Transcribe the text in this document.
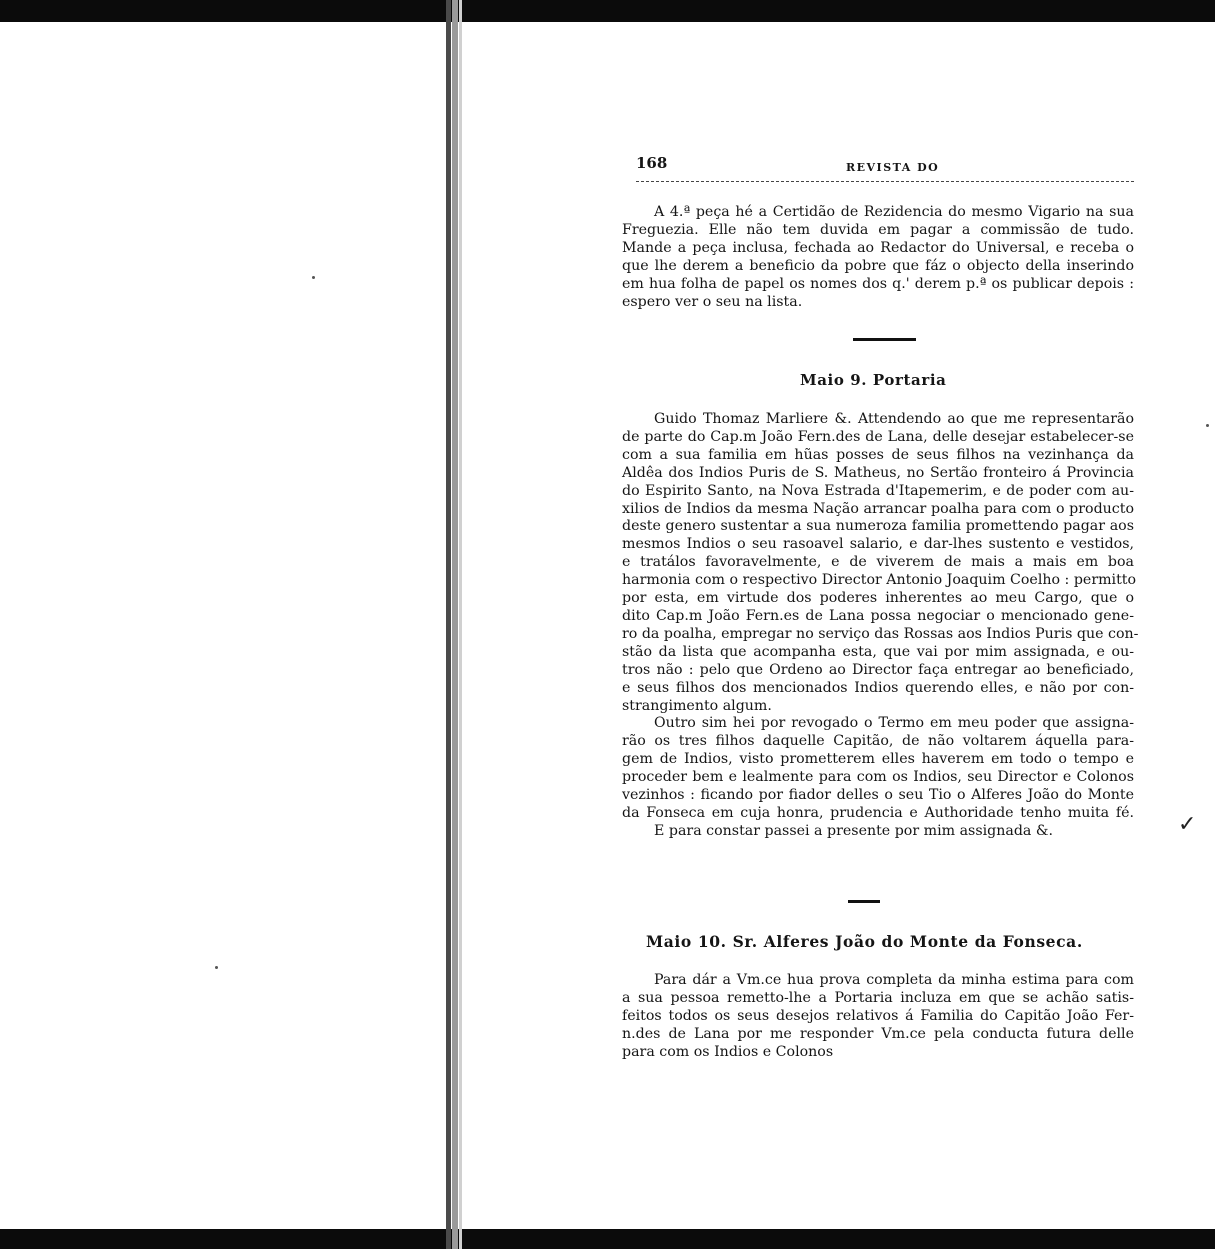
✓
168	REVISTA DO
A 4.ª peça hé a Certidão de Rezidencia do mesmo Vigario na sua
Freguezia. Elle não tem duvida em pagar a commissão de tudo.
Mande a peça inclusa, fechada ao Redactor do Universal, e receba o
que lhe derem a beneficio da pobre que fáz o objecto della inserindo
em hua folha de papel os nomes dos q.' derem p.ª os publicar depois :
espero ver o seu na lista.
Maio 9. Portaria
Guido Thomaz Marliere &. Attendendo ao que me representarão
de parte do Cap.m João Fern.des de Lana, delle desejar estabelecer-se
com a sua familia em hũas posses de seus filhos na vezinhança da
Aldêa dos Indios Puris de S. Matheus, no Sertão fronteiro á Provincia
do Espirito Santo, na Nova Estrada d'Itapemerim, e de poder com au-
xilios de Indios da mesma Nação arrancar poalha para com o producto
deste genero sustentar a sua numeroza familia promettendo pagar aos
mesmos Indios o seu rasoavel salario, e dar-lhes sustento e vestidos,
e tratálos favoravelmente, e de viverem de mais a mais em boa
harmonia com o respectivo Director Antonio Joaquim Coelho : permitto
por esta, em virtude dos poderes inherentes ao meu Cargo, que o
dito Cap.m João Fern.es de Lana possa negociar o mencionado gene-
ro da poalha, empregar no serviço das Rossas aos Indios Puris que con-
stão da lista que acompanha esta, que vai por mim assignada, e ou-
tros não : pelo que Ordeno ao Director faça entregar ao beneficiado,
e seus filhos dos mencionados Indios querendo elles, e não por con-
strangimento algum.
Outro sim hei por revogado o Termo em meu poder que assigna-
rão os tres filhos daquelle Capitão, de não voltarem áquella para-
gem de Indios, visto prometterem elles haverem em todo o tempo e
proceder bem e lealmente para com os Indios, seu Director e Colonos
vezinhos : ficando por fiador delles o seu Tio o Alferes João do Monte
da Fonseca em cuja honra, prudencia e Authoridade tenho muita fé.
E para constar passei a presente por mim assignada &.
Maio 10. Sr. Alferes João do Monte da Fonseca.
Para dár a Vm.ce hua prova completa da minha estima para com
a sua pessoa remetto-lhe a Portaria incluza em que se achão satis-
feitos todos os seus desejos relativos á Familia do Capitão João Fer-
n.des de Lana por me responder Vm.ce pela conducta futura delle
para com os Indios e Colonos
